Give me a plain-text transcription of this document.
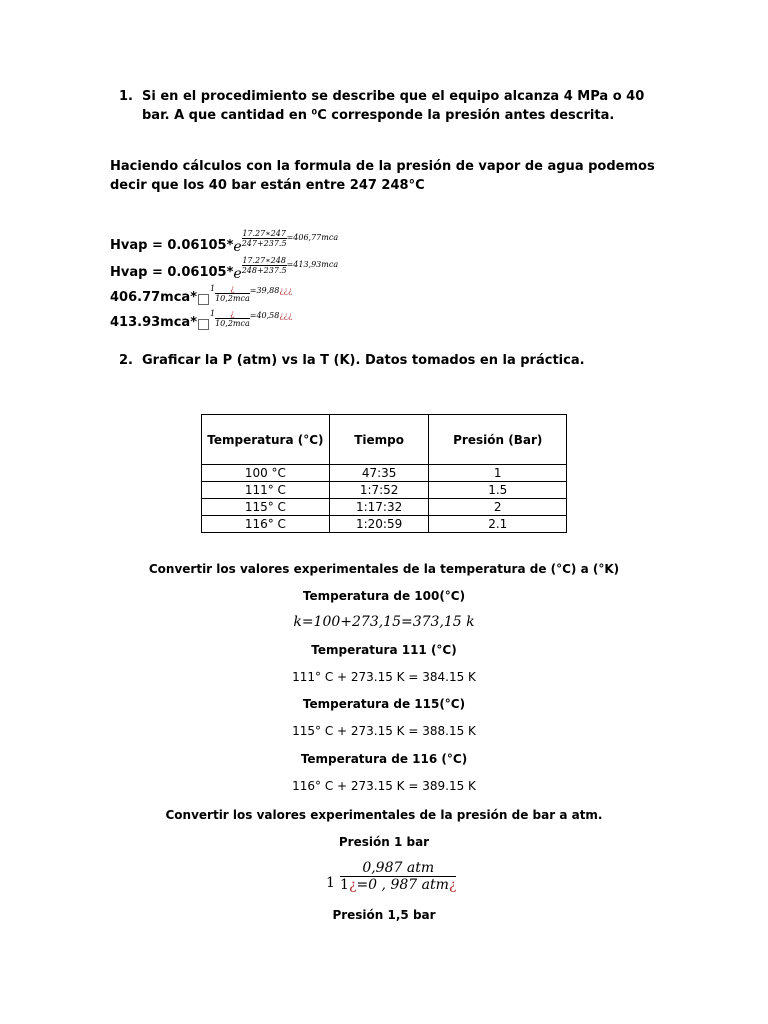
1. Si en el procedimiento se describe que el equipo alcanza 4 MPa o 40 bar. A que cantidad en ⁰C corresponde la presión antes descrita.
Haciendo cálculos con la formula de la presión de vapor de agua podemos decir que los 40 bar están entre 247 248°C
Hvap = $0.06105*e \frac{17.27∗247}{247+237.5} ^{=406,77mca}$
Hvap = $0.06105*e \frac{17.27∗248}{248+237.5} ^{=413,93mca}$
$406.77mca*^1 \frac{¿}{\text{10,2mca}} ^{=39,88¿¿¿}$
$413.93mca*^1 \frac{¿}{\text{10,2mca}} ^{=40,58¿¿¿}$
2. Graficar la P (atm) vs la T (K). Datos tomados en la práctica.
Temperatura (°C)	Tiempo	Presión (Bar)
100 °C	47:35	1
111° C	1:7:52	1.5
115° C	1:17:32	2
116° C	1:20:59	2.1
Convertir los valores experimentales de la temperatura de (°C) a (°K)
Temperatura de 100(°C)
k=100+273,15=373,15 k
Temperatura 111 (°C)
111° C + 273.15 K = 384.15 K
Temperatura de 115(°C)
115° C + 273.15 K = 388.15 K
Temperatura de 116 (°C)
116° C + 273.15 K = 389.15 K
Convertir los valores experimentales de la presión de bar a atm.
Presión 1 bar
1
0,987 atm
1¿=0 , 987 atm¿
Presión 1,5 bar
